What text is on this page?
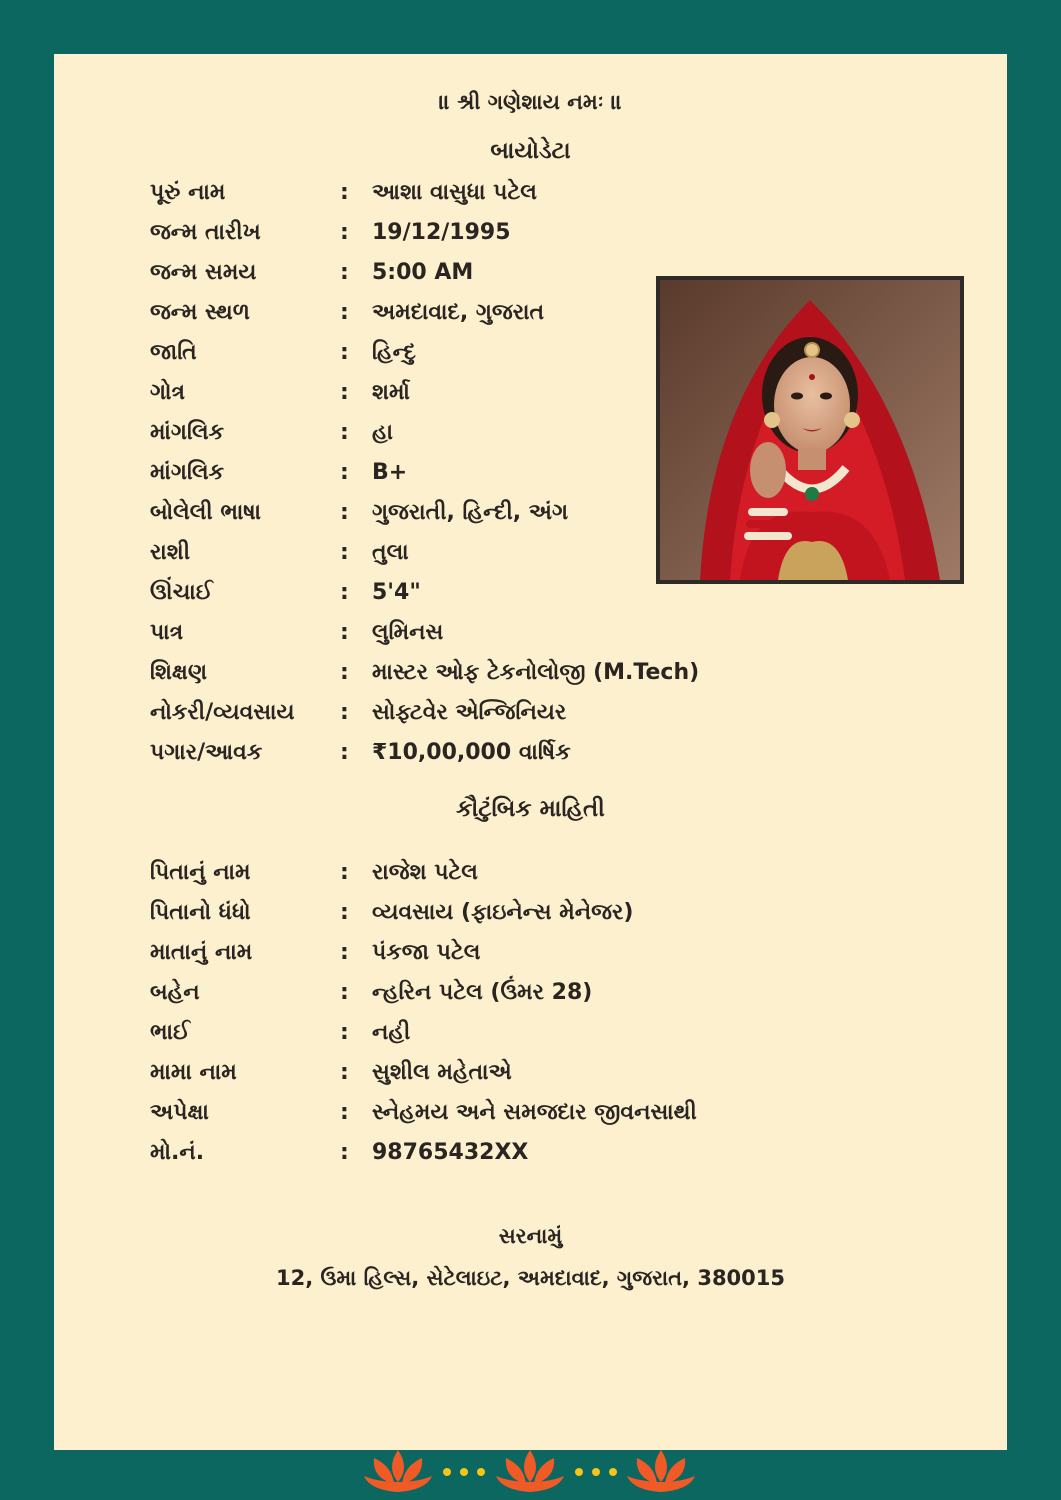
॥ શ્રી ગણેશાય નમઃ ॥
બાયોડેટા
પૂરું નામ	:	આશા વાસુધા પટેલ
જન્મ તારીખ	:	19/12/1995
જન્મ સમય	:	5:00 AM
જન્મ સ્થળ	:	અમદાવાદ, ગુજરાત
જાતિ	:	હિન્દુ
ગોત્ર	:	શર્મા
માંગલિક	:	હા
માંગલિક	:	B+
બોલેલી ભાષા	:	ગુજરાતી, હિન્દી, અંગ
રાશી	:	તુલા
ઊંચાઈ	:	5'4"
પાત્ર	:	લુમિનસ
શિક્ષણ	:	માસ્ટર ઓફ ટેકનોલોજી (M.Tech)
નોકરી/વ્યવસાય	:	સોફ્ટવેર એન્જિનિયર
પગાર/આવક	:	₹10,00,000 વાર્ષિક
કૌટુંબિક માહિતી
પિતાનું નામ	:	રાજેશ પટેલ
પિતાનો ધંધો	:	વ્યવસાય (ફાઇનેન્સ મેનેજર)
માતાનું નામ	:	પંકજા પટેલ
બહેન	:	ન્હરિન પટેલ (ઉંમર 28)
ભાઈ	:	નહી
મામા નામ	:	સુશીલ મહેતાએ
અપેક્ષા	:	સ્નેહમય અને સમજદાર જીવનસાથી
મો.નં.	:	98765432XX
સરનામું
12, ઉમા હિલ્સ, સેટેલાઇટ, અમદાવાદ, ગુજરાત, 380015
